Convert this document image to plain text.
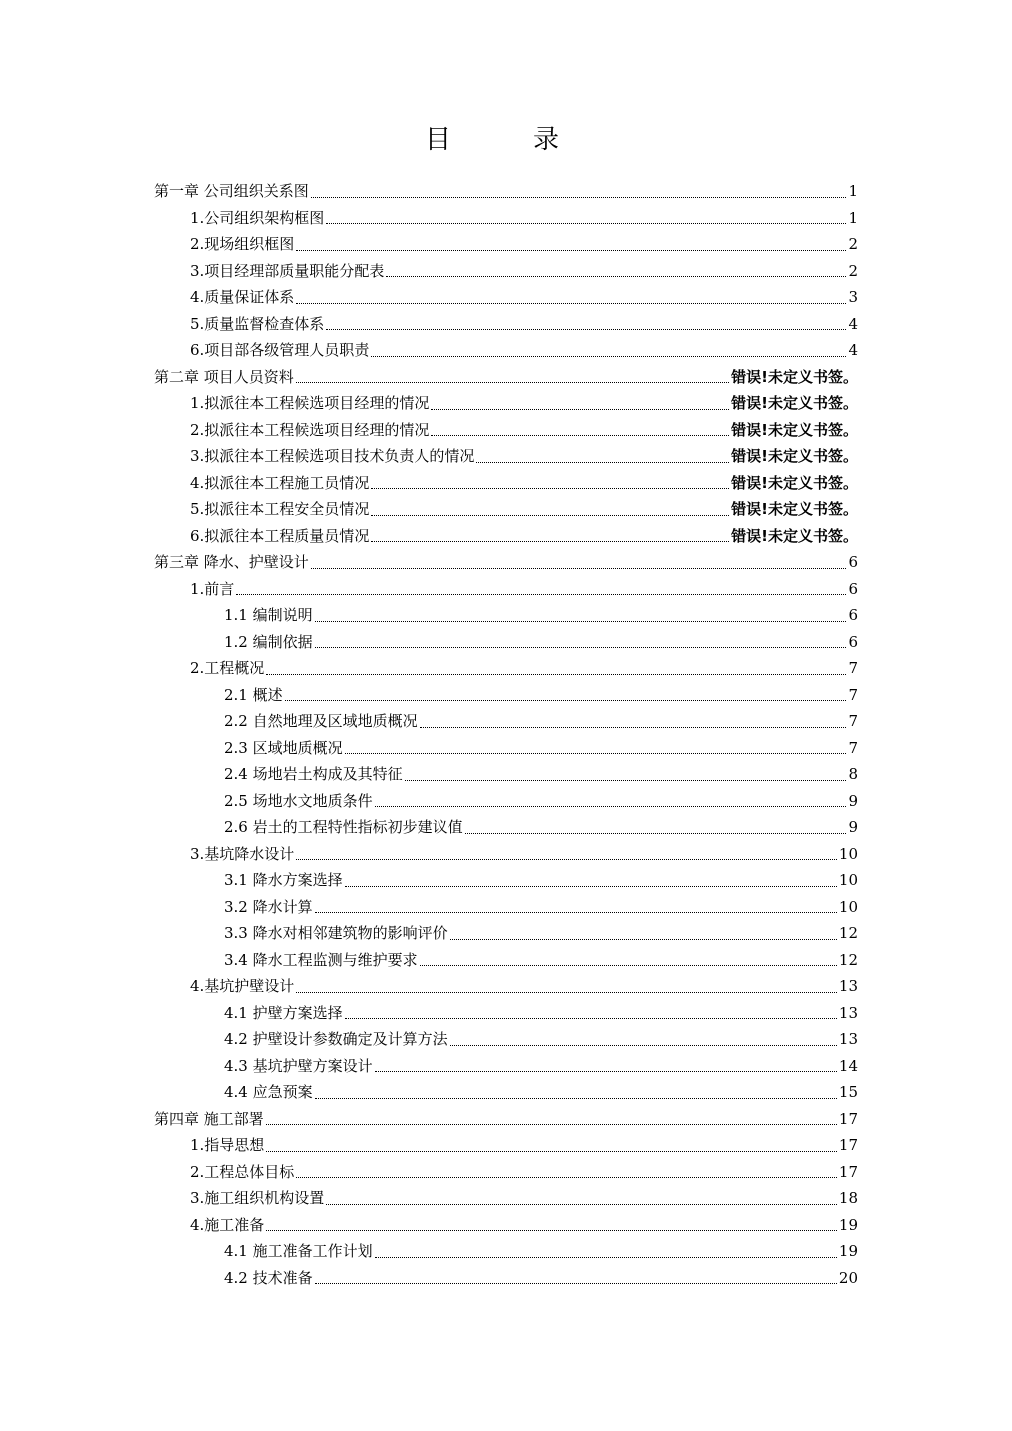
目　录
第一章 公司组织关系图	1
1.公司组织架构框图	1
2.现场组织框图	2
3.项目经理部质量职能分配表	2
4.质量保证体系	3
5.质量监督检查体系	4
6.项目部各级管理人员职责	4
第二章 项目人员资料	错误!未定义书签。
1.拟派往本工程候选项目经理的情况	错误!未定义书签。
2.拟派往本工程候选项目经理的情况	错误!未定义书签。
3.拟派往本工程候选项目技术负责人的情况	错误!未定义书签。
4.拟派往本工程施工员情况	错误!未定义书签。
5.拟派往本工程安全员情况	错误!未定义书签。
6.拟派往本工程质量员情况	错误!未定义书签。
第三章 降水、护壁设计	6
1.前言	6
1.1 编制说明	6
1.2 编制依据	6
2.工程概况	7
2.1 概述	7
2.2 自然地理及区域地质概况	7
2.3 区域地质概况	7
2.4 场地岩土构成及其特征	8
2.5 场地水文地质条件	9
2.6 岩土的工程特性指标初步建议值	9
3.基坑降水设计	10
3.1 降水方案选择	10
3.2 降水计算	10
3.3 降水对相邻建筑物的影响评价	12
3.4 降水工程监测与维护要求	12
4.基坑护壁设计	13
4.1 护壁方案选择	13
4.2 护壁设计参数确定及计算方法	13
4.3 基坑护壁方案设计	14
4.4 应急预案	15
第四章 施工部署	17
1.指导思想	17
2.工程总体目标	17
3.施工组织机构设置	18
4.施工准备	19
4.1 施工准备工作计划	19
4.2 技术准备	20
